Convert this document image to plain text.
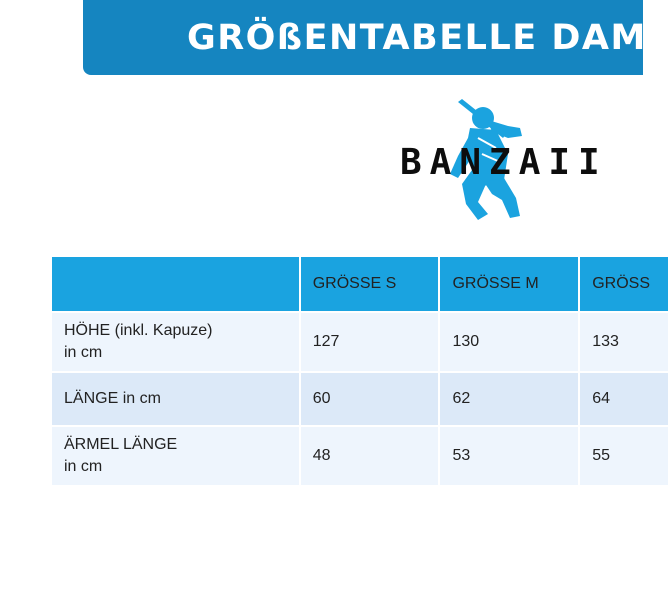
GRÖßENTABELLE DAME
BANZAII
	GRÖSSE S	GRÖSSE M	GRÖSS
HÖHE (inkl. Kapuze)
in cm	127	130	133
LÄNGE in cm	60	62	64
ÄRMEL LÄNGE
in cm	48	53	55
